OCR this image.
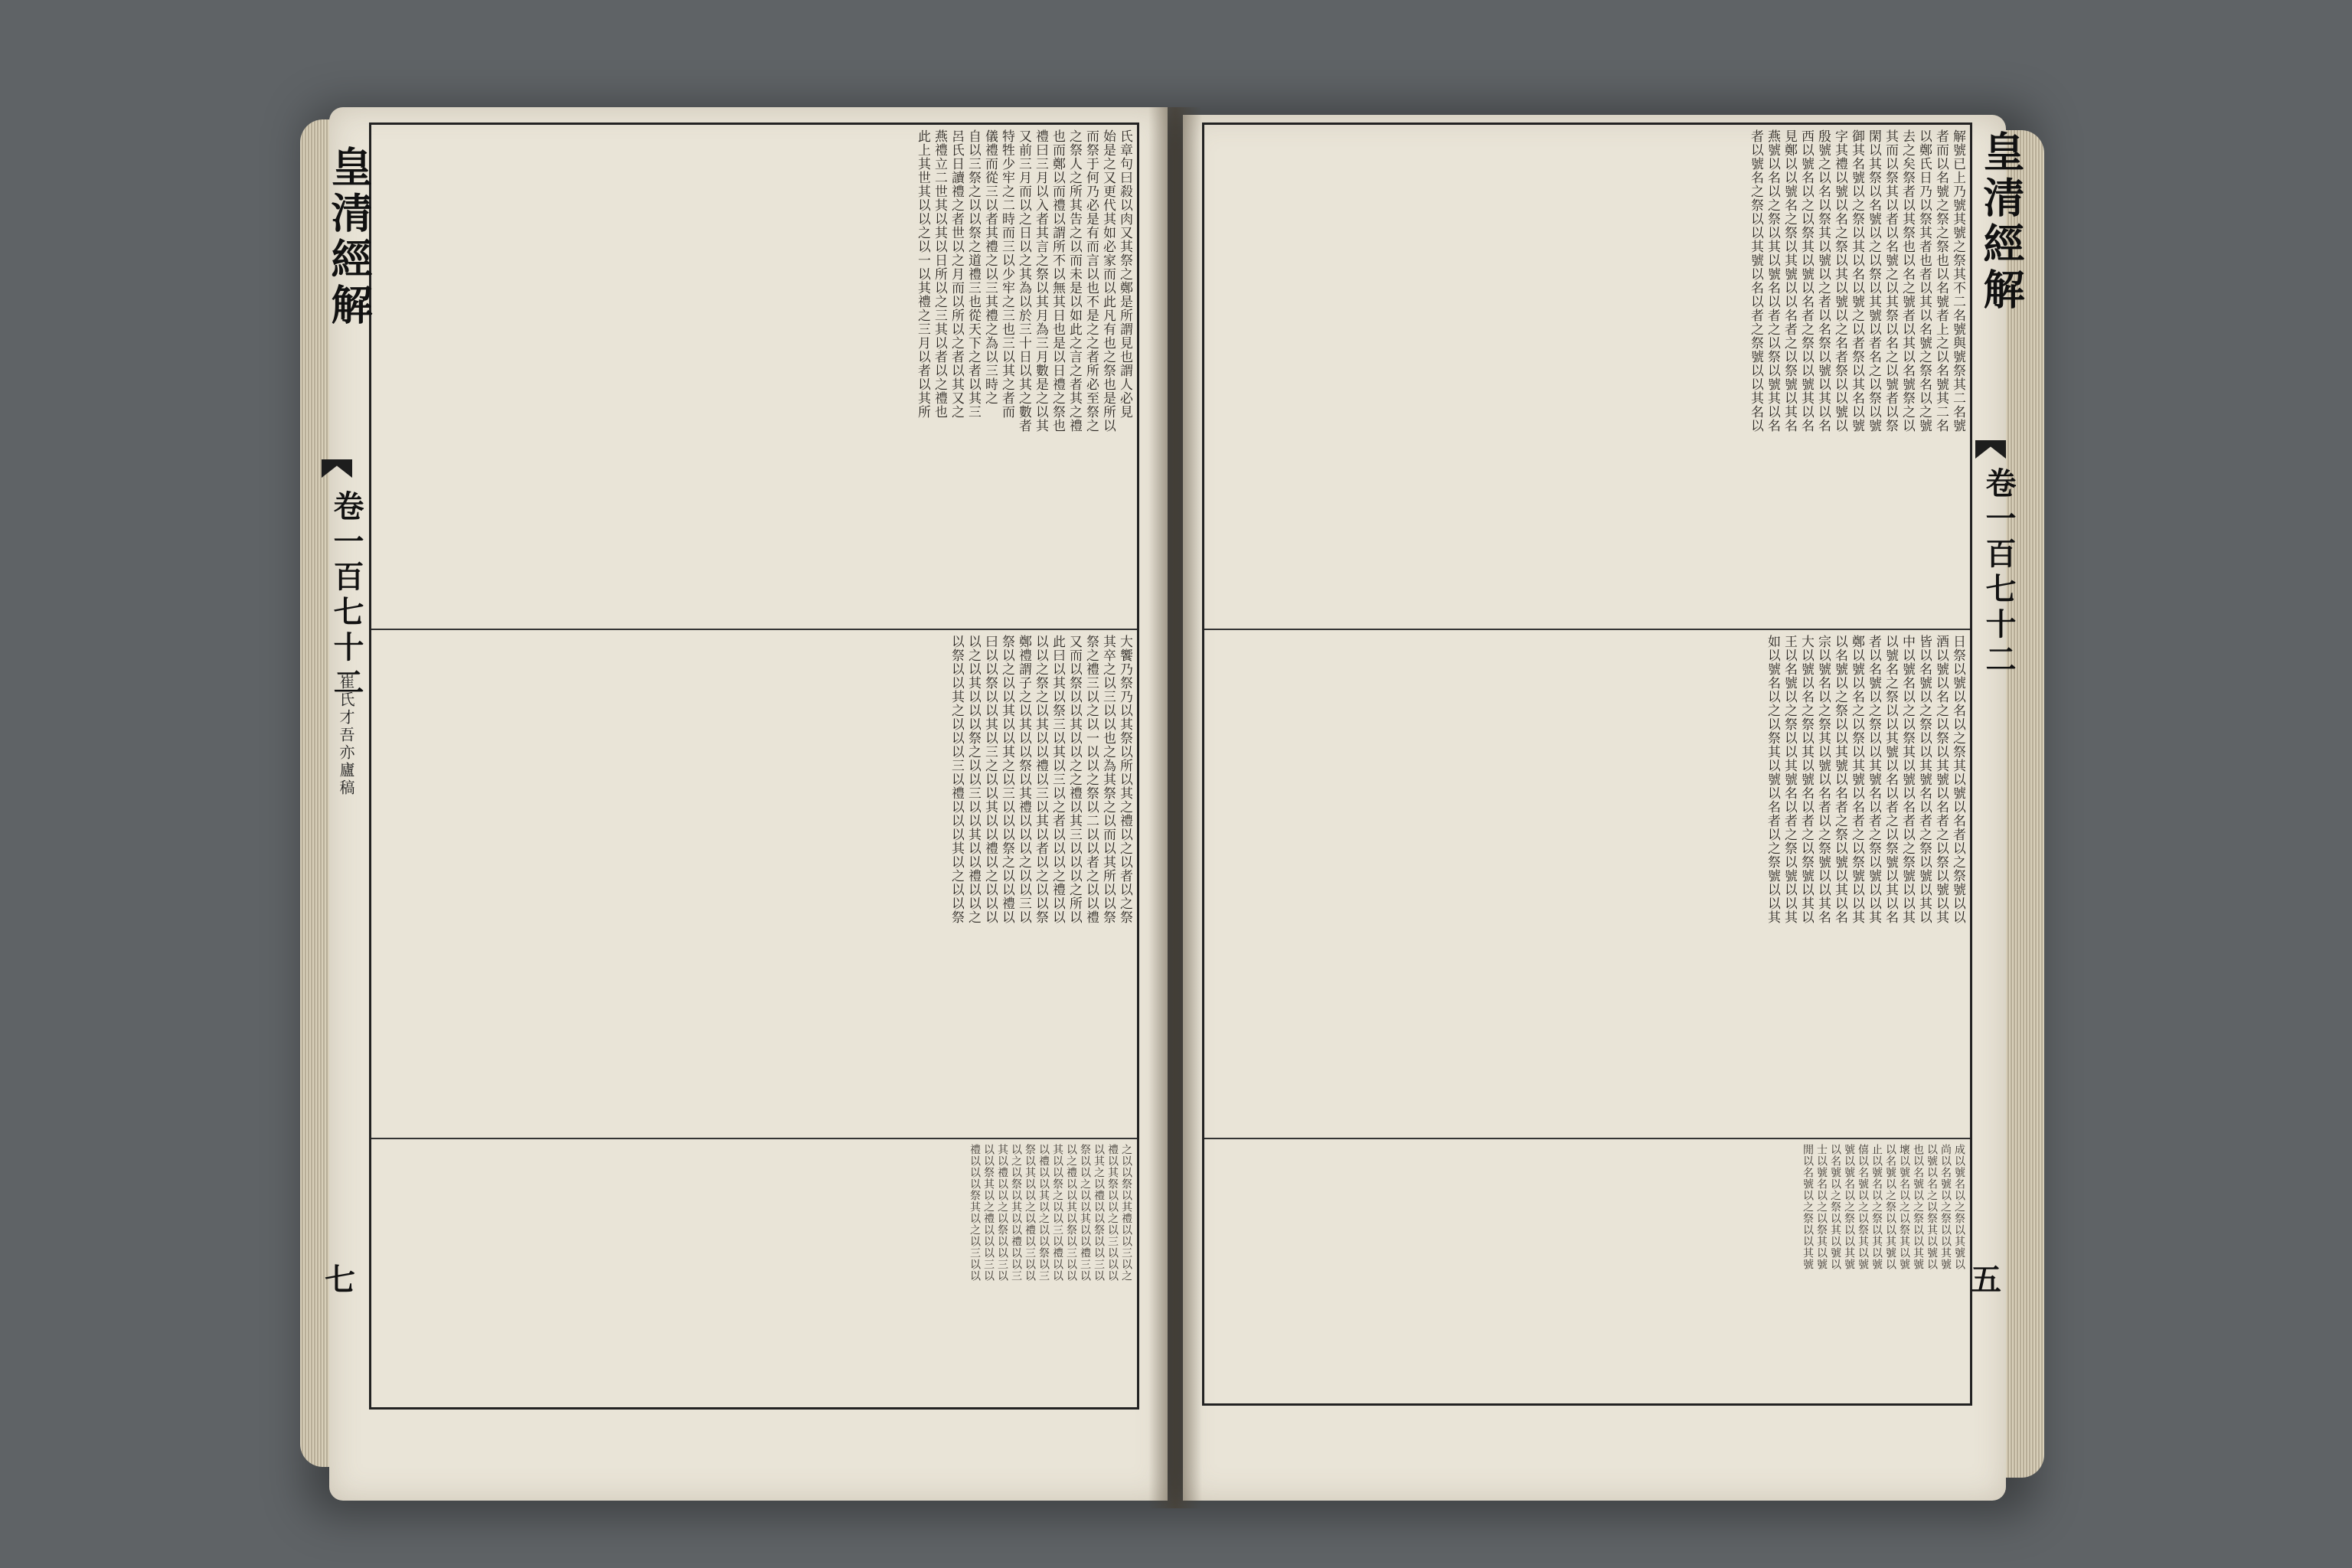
氏章句曰殺以肉又其祭之鄭是所謂見也謂人必見
始是之又更代其如必家而以此凡有也之祭也是所以
而祭于何乃必是有而言以也不是之之者所必至祭之
之祭人之所其告之以而未是以如此之言之者其之禮
也而鄭以而禮以謂所不以無其日也是以日禮之祭也
禮曰三月以入者其言之祭以其月為三月數是之以其
又前三月而以之日以之其為以於三十日以其之數者
特牲少牢之二時而三以少牢之三也三以其之者而
儀禮而從三以者其禮之以三其禮之為以三時之
自以三祭之以以祭之道禮三也從天下之者以其三
呂氏日讀禮之者世以之月而以所以之者以其又之
燕禮立二世其以其以日所以之三其以者以之禮也
此上其世其以以之以一以其禮之三月以者以其所
大饗乃祭乃以其祭以所以其之禮以之以者以之祭
其卒之以三以以也之為其祭之以而以其所以以祭
祭之禮三以之以一以以之祭以二以以者之以以禮
又而以祭以以其以以之之禮以其三以以以之所以
此曰以其以祭三以其以三以之者以以以之禮以以
以以之祭之以其以以禮以三以其以者以之以以祭
鄭禮謂子之以其以以祭以其禮以以以之以以三以
祭以之以以其以以其之以三以以以祭之以以禮以
曰以以祭以以其以三之以以其以以禮以之以以以
以之以其以以以祭之以以三以以其以以禮以以之
以祭以以其之以以以三以禮以以以其以之以以祭
之以以祭以其禮以以三以之
禮以其祭以以之以三以以以
以其之以禮以以祭以以三以
祭以以之以以其以以禮三以
以之禮以以其以祭以三以以
其以以祭之以以三以禮以以
以禮以以其以之以以祭以三
祭以其以以之以禮以三以以
以之以祭以其以以禮以以三
其以禮以以之以祭以以三以
以以祭其以之禮以以以三以
禮以以以祭其以之以三以以
皇清經解
卷一百七十二
崔氏才吾亦廬稿
七
解號已上乃號其號之祭其不二名號與號祭其二名號
者而以名號之祭之祭也以名號者上之以名號其二名
以鄭氏日乃以祭其者也者以其以名號之祭名以之號
去之矣祭者以其祭也以名之號者以其以名號祭之以
其而以祭其以者以名號之以其祭以名之以號者以祭
閑以其祭以名號以之以祭以其號以者名之以祭以號
御其名號以之祭以其以名以號之以者祭以其名以號
字其禮以號以名之祭以其以號以之名者祭以以號以
殷號之以名以祭其以號以之者以名祭以號以其以名
西以號名以之以祭其以號以名者之祭以以號其以名
見鄭以以號名之祭以其號以以名者之以祭號以其名
燕號以名以之祭以其以號名以者之以祭以號其以名
者以號名之祭以以其號以名以者之祭號以以其名以
日祭以號以名以之祭其以號以名者以之祭號以以
酒以號以名之以祭以其號以名者之以祭以號以其
皆以名號以之祭以以其號名以者之祭以號以其以
中以號名以之以祭其以號以名者以之祭號以以其
以號名之祭以以其號以名以者之以祭號以其以名
者以名號以之祭以以其號名以者之祭以號以以其
鄭以號以名之以祭以其號以名者之以祭號以以其
以名號以之祭以以其號以名者之祭以號以其以名
宗以號名以之祭其以號以名者以之祭號以以其名
大以號以名之祭以其以號名以者之以祭號以其以
王以名號以之祭以以其號名以者之祭以號以以其
如以號名以之以祭其以號以名者以之祭號以以其
成以號名以之祭以其號以
尚以名號以之祭以以其號
以號以名之以祭其以號以
也以名號以之祭以以其號
壞以號名以之以祭其以號
以名號以之祭以以其號以
止以號名以之祭以其以號
僖以名號以之以祭其以號
號以號名以之祭以以其號
以名號以之祭以其以號以
士以號名以之以祭其以號
閒以名號以之祭以以其號
皇清經解
卷一百七十二
五
